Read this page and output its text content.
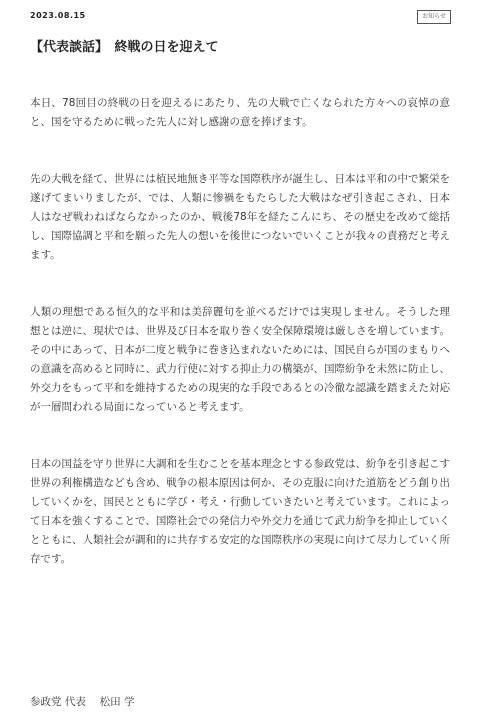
2023.08.15	お知らせ
【代表談話】　終戦の日を迎えて

本日、78回目の終戦の日を迎えるにあたり、先の大戦で亡くなられた方々への哀悼の意と、国を守るために戦った先人に対し感謝の意を捧げます。

先の大戦を経て、世界には植民地無き平等な国際秩序が誕生し、日本は平和の中で繁栄を遂げてまいりましたが、では、人類に惨禍をもたらした大戦はなぜ引き起こされ、日本人はなぜ戦わねばならなかったのか、戦後78年を経たこんにち、その歴史を改めて総括し、国際協調と平和を願った先人の想いを後世につないでいくことが我々の責務だと考えます。

人類の理想である恒久的な平和は美辞麗句を並べるだけでは実現しません。そうした理想とは逆に、現状では、世界及び日本を取り巻く安全保障環境は厳しさを増しています。その中にあって、日本が二度と戦争に巻き込まれないためには、国民自らが国のまもりへの意識を高めると同時に、武力行使に対する抑止力の構築が、国際紛争を未然に防止し、外交力をもって平和を維持するための現実的な手段であるとの冷徹な認識を踏まえた対応が一層問われる局面になっていると考えます。

日本の国益を守り世界に大調和を生むことを基本理念とする参政党は、紛争を引き起こす世界の利権構造なども含め、戦争の根本原因は何か、その克服に向けた道筋をどう創り出していくかを、国民とともに学び・考え・行動していきたいと考えています。これによって日本を強くすることで、国際社会での発信力や外交力を通じて武力紛争を抑止していくとともに、人類社会が調和的に共存する安定的な国際秩序の実現に向けて尽力していく所存です。

参政党 代表　 松田 学
